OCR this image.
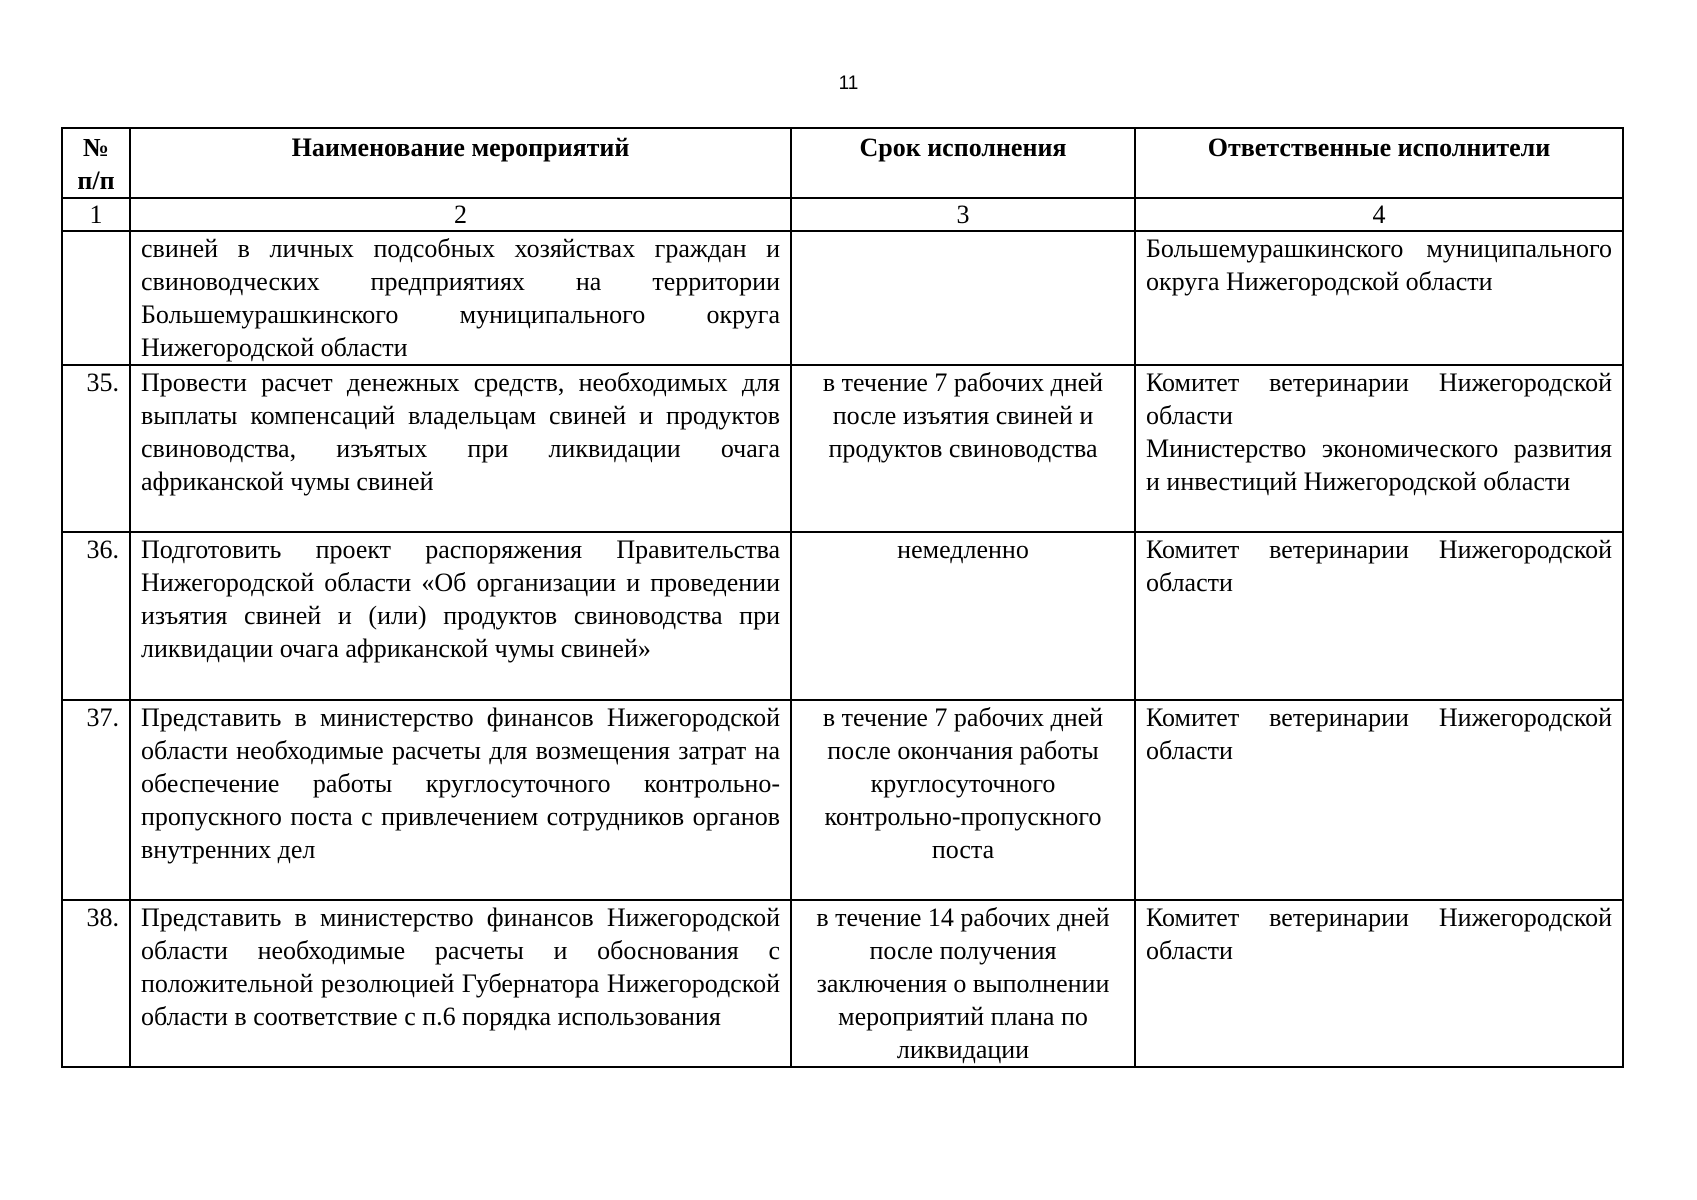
11
№ п/п	Наименование мероприятий	Срок исполнения	Ответственные исполнители
1	2	3	4
	свиней в личных подсобных хозяйствах граждан и свиноводческих предприятиях на территории Большемурашкинского муниципального округа Нижегородской области		Большемурашкинского муниципального округа Нижегородской области

35.	Провести расчет денежных средств, необходимых для выплаты компенсаций владельцам свиней и продуктов свиноводства, изъятых при ликвидации очага африканской чумы свиней	в течение 7 рабочих дней после изъятия свиней и продуктов свиноводства	Комитет ветеринарии Нижегородской области
Министерство экономического развития и инвестиций Нижегородской области

36.	Подготовить проект распоряжения Правительства Нижегородской области «Об организации и проведении изъятия свиней и (или) продуктов свиноводства при ликвидации очага африканской чумы свиней»	немедленно	Комитет ветеринарии Нижегородской области

37.	Представить в министерство финансов Нижегородской области необходимые расчеты для возмещения затрат на обеспечение работы круглосуточного контрольно-пропускного поста с привлечением сотрудников органов внутренних дел	в течение 7 рабочих дней после окончания работы круглосуточного контрольно-пропускного поста	Комитет ветеринарии Нижегородской области

38.	Представить в министерство финансов Нижегородской области необходимые расчеты и обоснования с положительной резолюцией Губернатора Нижегородской области в соответствие с п.6 порядка использования	в течение 14 рабочих дней после получения заключения о выполнении мероприятий плана по ликвидации	Комитет ветеринарии Нижегородской области
